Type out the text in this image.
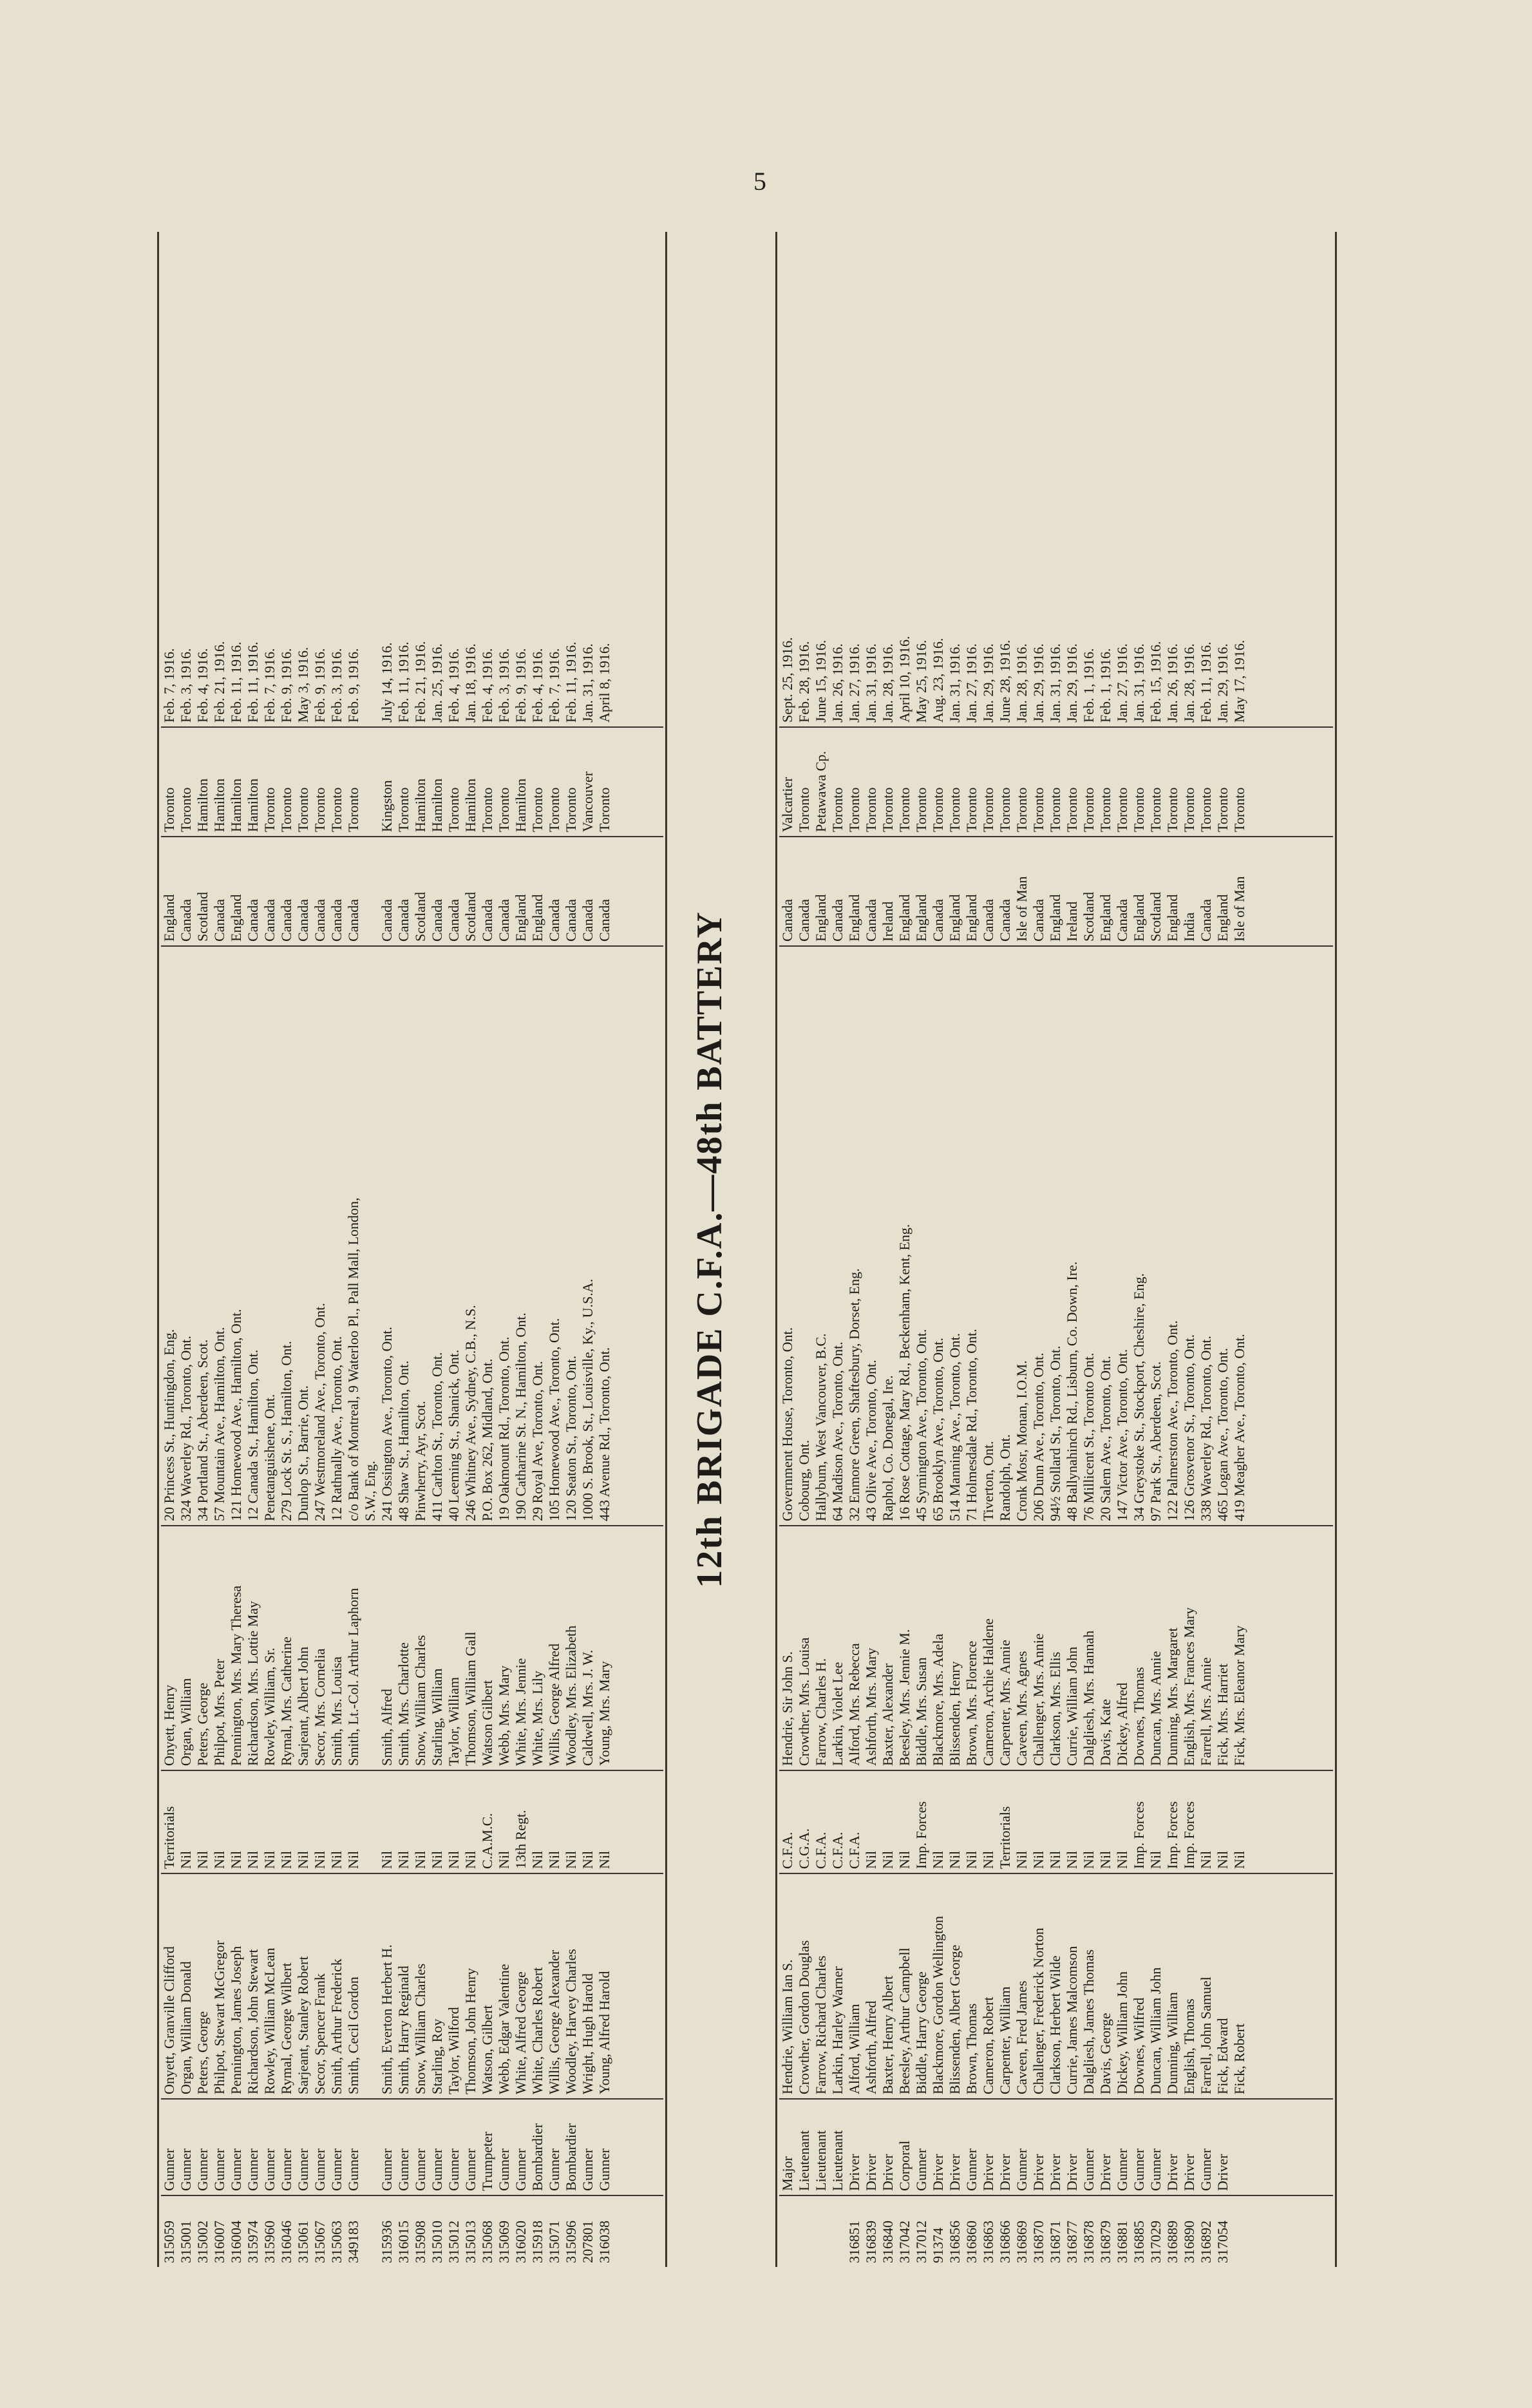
5
315059 315001 315002 316007 316004 315974 315960 316046 315061 315067 315063 349183 315936 316015 315908 315010 315012 315013 315068 315069 316020 315918 315071 315096 207801 316038
Gunner Gunner Gunner Gunner Gunner Gunner Gunner Gunner Gunner Gunner Gunner Gunner Gunner Gunner Gunner Gunner Gunner Gunner Trumpeter Gunner Gunner Bombardier Gunner Bombardier Gunner Gunner
Onyett, Granville Clifford Organ, William Donald Peters, George Philpot, Stewart McGregor Pennington, James Joseph Richardson, John Stewart Rowley, William McLean Rymal, George Wilbert Sarjeant, Stanley Robert Secor, Spencer Frank Smith, Arthur Frederick Smith, Cecil Gordon Smith, Everton Herbert H. Smith, Harry Reginald Snow, William Charles Starling, Roy Taylor, Wilford Thomson, John Henry Watson, Gilbert Webb, Edgar Valentine White, Alfred George White, Charles Robert Willis, George Alexander Woodley, Harvey Charles Wright, Hugh Harold Young, Alfred Harold
Territorials Nil Nil Nil Nil Nil Nil Nil Nil Nil Nil Nil Nil Nil Nil Nil Nil Nil C.A.M.C. Nil 13th Regt. Nil Nil Nil Nil Nil
Onyett, Henry Organ, William Peters, George Philpot, Mrs. Peter Pennington, Mrs. Mary Theresa Richardson, Mrs. Lottie May Rowley, William, Sr. Rymal, Mrs. Catherine Sarjeant, Albert John Secor, Mrs. Cornelia Smith, Mrs. Louisa Smith, Lt.-Col. Arthur Laphorn Smith, Alfred Smith, Mrs. Charlotte Snow, William Charles Starling, William Taylor, William Thomson, William Gall Watson Gilbert Webb, Mrs. Mary White, Mrs. Jennie White, Mrs. Lily Willis, George Alfred Woodley, Mrs. Elizabeth Caldwell, Mrs. J. W. Young, Mrs. Mary
20 Princess St., Huntingdon, Eng. 324 Waverley Rd., Toronto, Ont. 34 Portland St., Aberdeen, Scot. 57 Mountain Ave., Hamilton, Ont. 121 Homewood Ave., Hamilton, Ont. 12 Canada St., Hamilton, Ont. Penetanguishene, Ont. 279 Lock St. S., Hamilton, Ont. Dunlop St., Barrie, Ont. 247 Westmoreland Ave., Toronto, Ont. 12 Rathnally Ave., Toronto, Ont. c/o Bank of Montreal, 9 Waterloo Pl., Pall Mall, London, S.W., Eng. 241 Ossington Ave., Toronto, Ont. 48 Shaw St., Hamilton, Ont. Pinwherry, Ayr, Scot. 411 Carlton St., Toronto, Ont. 40 Leeming St., Shanick, Ont. 246 Whitney Ave., Sydney, C.B., N.S. P.O. Box 262, Midland, Ont. 19 Oakmount Rd., Toronto, Ont. 190 Catharine St. N., Hamilton, Ont. 29 Royal Ave, Toronto, Ont. 105 Homewood Ave., Toronto, Ont. 120 Seaton St., Toronto, Ont. 1000 S. Brook, St., Louisville, Ky., U.S.A. 443 Avenue Rd., Toronto, Ont.
England Canada Scotland Canada England Canada Canada Canada Canada Canada Canada Canada Canada Canada Scotland Canada Canada Scotland Canada Canada England England Canada Canada Canada Canada
Toronto Toronto Hamilton Hamilton Hamilton Hamilton Toronto Toronto Toronto Toronto Toronto Toronto Kingston Toronto Hamilton Hamilton Toronto Hamilton Toronto Toronto Hamilton Toronto Toronto Toronto Vancouver Toronto
Feb. 7, 1916. Feb. 3, 1916. Feb. 4, 1916. Feb. 21, 1916. Feb. 11, 1916. Feb. 11, 1916. Feb. 7, 1916. Feb. 9, 1916. May 3, 1916. Feb. 9, 1916. Feb. 3, 1916. Feb. 9, 1916. July 14, 1916. Feb. 11, 1916. Feb. 21, 1916. Jan. 25, 1916. Feb. 4, 1916. Jan. 18, 1916. Feb. 4, 1916. Feb. 3, 1916. Feb. 9, 1916. Feb. 4, 1916. Feb. 7, 1916. Feb. 11, 1916. Jan. 31, 1916. April 8, 1916.
12th BRIGADE C.F.A.—48th BATTERY
316851 316839 316840 317042 317012 91374 316856 316860 316863 316866 316869 316870 316871 316877 316878 316879 316881 316885 317029 316889 316890 316892 317054
Major Lieutenant Lieutenant Lieutenant Driver Driver Driver Corporal Gunner Driver Driver Gunner Driver Driver Gunner Driver Driver Driver Gunner Driver Gunner Gunner Gunner Driver Driver Gunner Driver
Hendrie, William Ian S. Crowther, Gordon Douglas Farrow, Richard Charles Larkin, Harley Warner Alford, William Ashforth, Alfred Baxter, Henry Albert Beesley, Arthur Campbell Biddle, Harry George Blackmore, Gordon Wellington Blissenden, Albert George Brown, Thomas Cameron, Robert Carpenter, William Caveen, Fred James Challenger, Frederick Norton Clarkson, Herbert Wilde Currie, James Malcomson Dalgliesh, James Thomas Davis, George Dickey, William John Downes, Wilfred Duncan, William John Dunning, William English, Thomas Farrell, John Samuel Fick, Edward Fick, Robert
C.F.A. C.G.A. C.F.A. C.F.A. C.F.A. Nil Nil Nil Imp. Forces Nil Nil Nil Nil Territorials Nil Nil Nil Nil Nil Nil Nil Imp. Forces Nil Imp. Forces Imp. Forces Nil Nil Nil
Hendrie, Sir John S. Crowther, Mrs. Louisa Farrow, Charles H. Larkin, Violet Lee Alford, Mrs. Rebecca Ashforth, Mrs. Mary Baxter, Alexander Beesley, Mrs. Jennie M. Biddle, Mrs. Susan Blackmore, Mrs. Adela Blissenden, Henry Brown, Mrs. Florence Cameron, Archie Haldene Carpenter, Mrs. Annie Caveen, Mrs. Agnes Challenger, Mrs. Annie Clarkson, Mrs. Ellis Currie, William John Dalgliesh, Mrs. Hannah Davis, Kate Dickey, Alfred Downes, Thomas Duncan, Mrs. Annie Dunning, Mrs. Margaret English, Mrs. Frances Mary Farrell, Mrs. Annie Fick, Mrs. Harriet Fick, Mrs. Eleanor Mary
Government House, Toronto, Ont. Cobourg, Ont. Hallybum, West Vancouver, B.C. 64 Madison Ave., Toronto, Ont. 32 Enmore Green, Shaftesbury, Dorset, Eng. 43 Olive Ave., Toronto, Ont. Raphol, Co. Donegal, Ire. 16 Rose Cottage, Mary Rd., Beckenham, Kent, Eng. 45 Symington Ave., Toronto, Ont. 65 Brooklyn Ave., Toronto, Ont. 514 Manning Ave., Toronto, Ont. 71 Holmesdale Rd., Toronto, Ont. Tiverton, Ont. Randolph, Ont. Cronk Mosr, Monan, I.O.M. 206 Dunn Ave., Toronto, Ont. 94½ Stollard St., Toronto, Ont. 48 Ballynahinch Rd., Lisburn, Co. Down, Ire. 76 Millicent St., Toronto Ont. 20 Salem Ave., Toronto, Ont. 147 Victor Ave., Toronto, Ont. 34 Greystoke St., Stockport, Cheshire, Eng. 97 Park St., Aberdeen, Scot. 122 Palmerston Ave., Toronto, Ont. 126 Grosvenor St., Toronto, Ont. 338 Waverley Rd., Toronto, Ont. 465 Logan Ave., Toronto, Ont. 419 Meagher Ave., Toronto, Ont.
Canada Canada England Canada England Canada Ireland England England Canada England England Canada Canada Isle of Man Canada England Ireland Scotland England Canada England Scotland England India Canada England Isle of Man
Valcartier Toronto Petawawa Cp. Toronto Toronto Toronto Toronto Toronto Toronto Toronto Toronto Toronto Toronto Toronto Toronto Toronto Toronto Toronto Toronto Toronto Toronto Toronto Toronto Toronto Toronto Toronto Toronto Toronto
Sept. 25, 1916. Feb. 28, 1916. June 15, 1916. Jan. 26, 1916. Jan. 27, 1916. Jan. 31, 1916. Jan. 28, 1916. April 10, 1916. May 25, 1916. Aug. 23, 1916. Jan. 31, 1916. Jan. 27, 1916. Jan. 29, 1916. June 28, 1916. Jan. 28, 1916. Jan. 29, 1916. Jan. 31, 1916. Jan. 29, 1916. Feb. 1, 1916. Feb. 1, 1916. Jan. 27, 1916. Jan. 31, 1916. Feb. 15, 1916. Jan. 26, 1916. Jan. 28, 1916. Feb. 11, 1916. Jan. 29, 1916. May 17, 1916.
